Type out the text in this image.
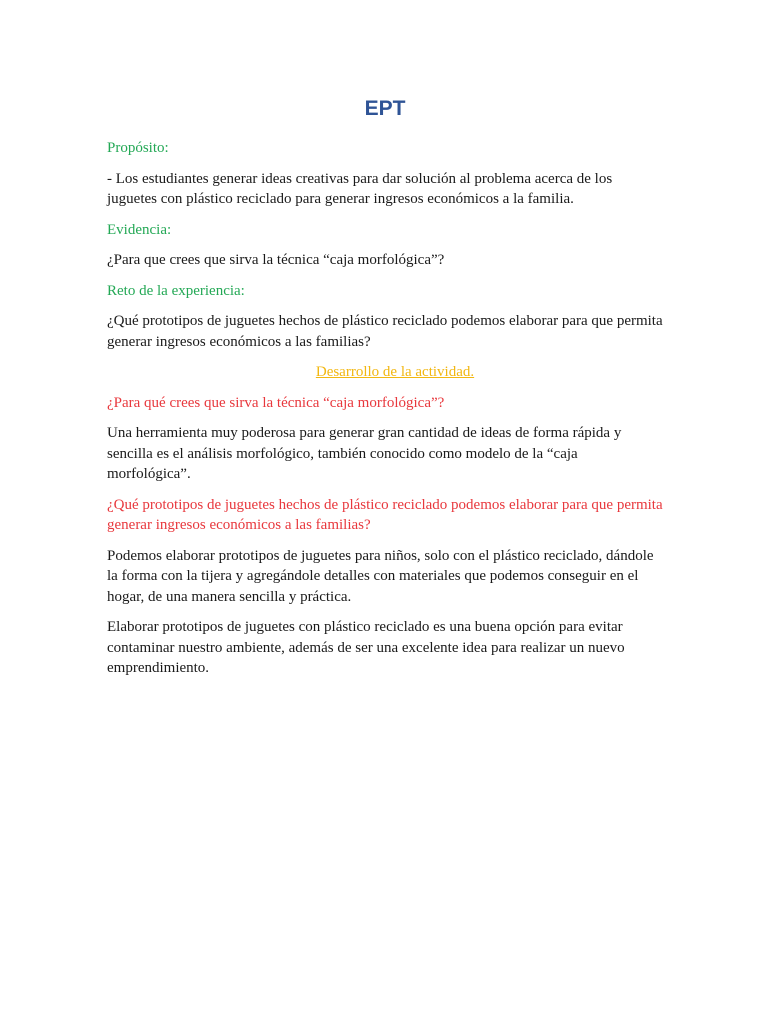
EPT

Propósito:

- Los estudiantes generar ideas creativas para dar solución al problema acerca de los juguetes con plástico reciclado para generar ingresos económicos a la familia.

Evidencia:

¿Para que crees que sirva la técnica “caja morfológica”?

Reto de la experiencia:

¿Qué prototipos de juguetes hechos de plástico reciclado podemos elaborar para que permita generar ingresos económicos a las familias?

Desarrollo de la actividad.

¿Para qué crees que sirva la técnica “caja morfológica”?

Una herramienta muy poderosa para generar gran cantidad de ideas de forma rápida y sencilla es el análisis morfológico, también conocido como modelo de la “caja morfológica”.

¿Qué prototipos de juguetes hechos de plástico reciclado podemos elaborar para que permita generar ingresos económicos a las familias?

Podemos elaborar prototipos de juguetes para niños, solo con el plástico reciclado, dándole la forma con la tijera y agregándole detalles con materiales que podemos conseguir en el hogar, de una manera sencilla y práctica.

Elaborar prototipos de juguetes con plástico reciclado es una buena opción para evitar contaminar nuestro ambiente, además de ser una excelente idea para realizar un nuevo emprendimiento.
